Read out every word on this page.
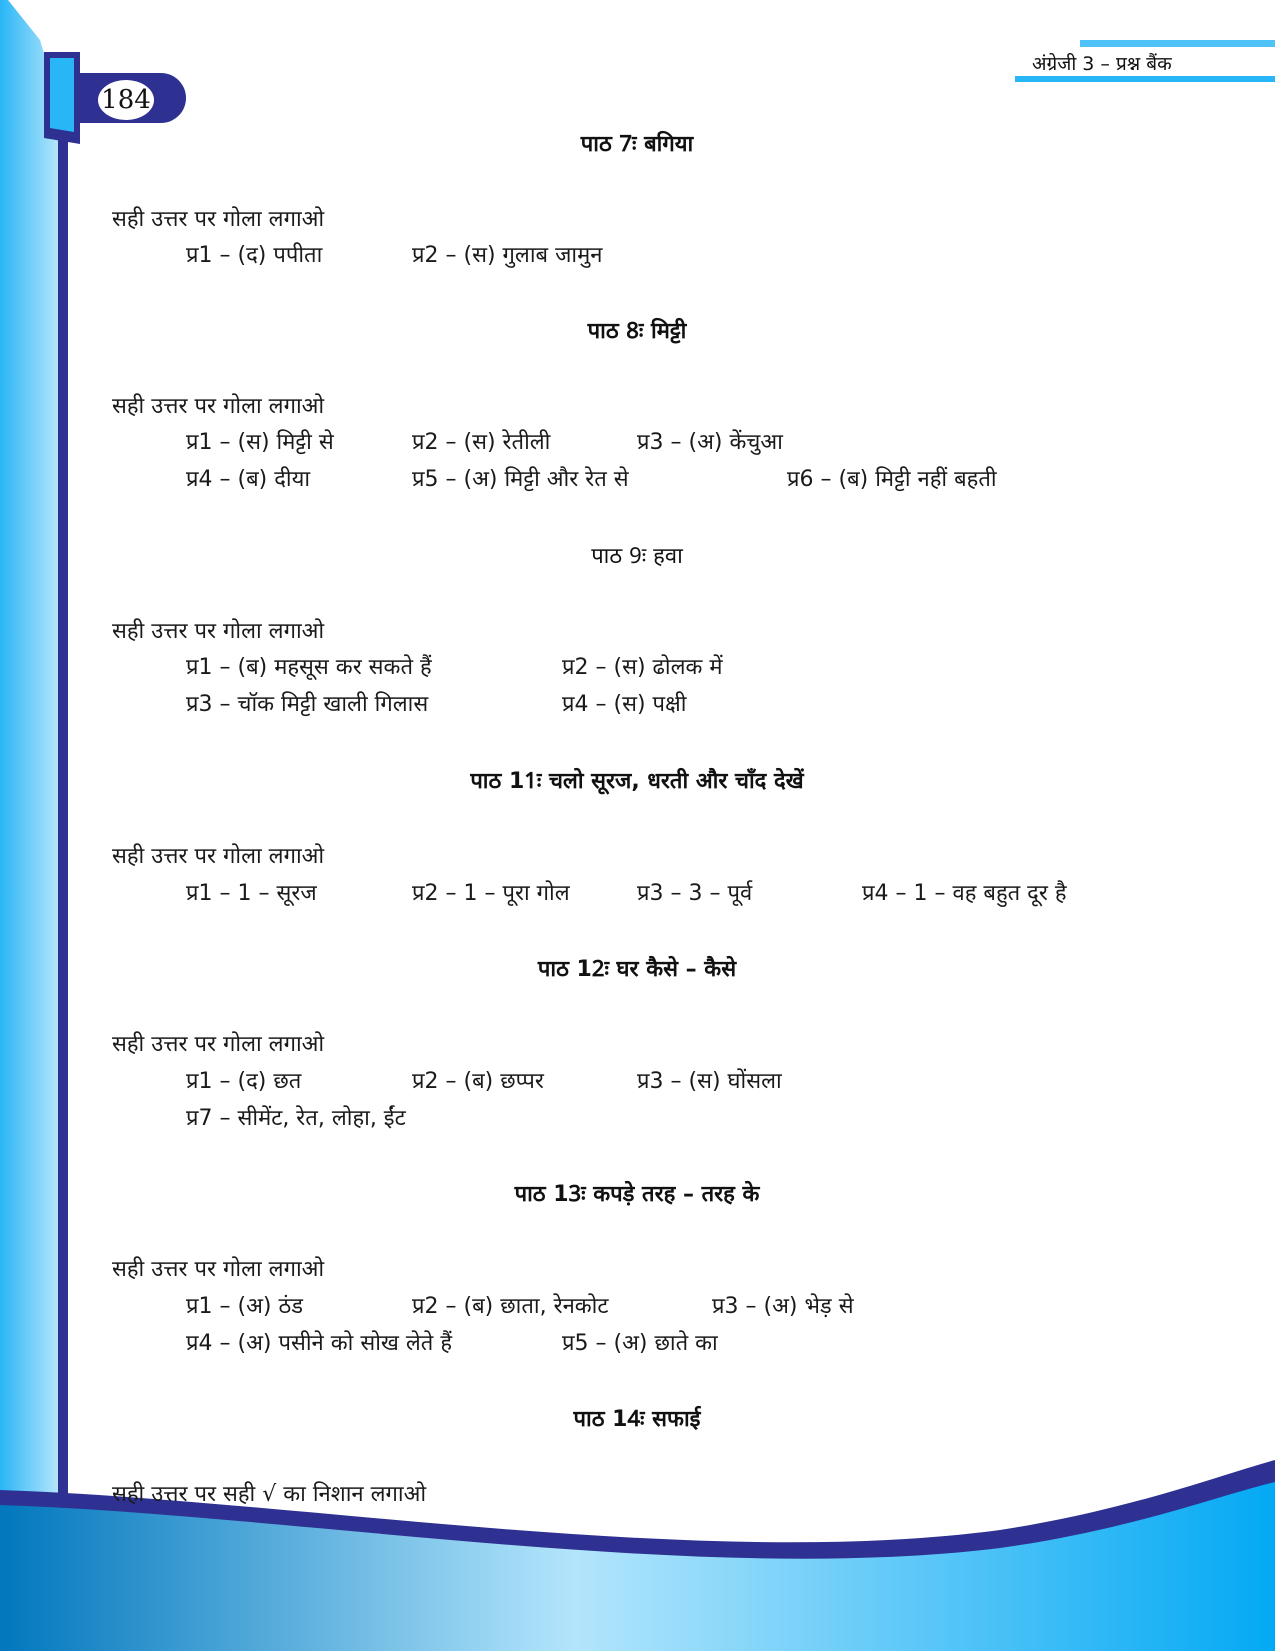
184
अंग्रेजी 3 – प्रश्न बैंक
पाठ 7ः बगिया
सही उत्तर पर गोला लगाओ
प्र1 – (द) पपीता	प्र2 – (स) गुलाब जामुन
पाठ 8ः मिट्टी
सही उत्तर पर गोला लगाओ
प्र1 – (स) मिट्टी से	प्र2 – (स) रेतीली	प्र3 – (अ) केंचुआ
प्र4 – (ब) दीया	प्र5 – (अ) मिट्टी और रेत से	प्र6 – (ब) मिट्टी नहीं बहती
पाठ 9ः हवा
सही उत्तर पर गोला लगाओ
प्र1 – (ब) महसूस कर सकते हैं	प्र2 – (स) ढोलक में
प्र3 – चॉक मिट्टी खाली गिलास	प्र4 – (स) पक्षी
पाठ 11ः चलो सूरज, धरती और चाँद देखें
सही उत्तर पर गोला लगाओ
प्र1 – 1 – सूरज	प्र2 – 1 – पूरा गोल	प्र3 – 3 – पूर्व	प्र4 – 1 – वह बहुत दूर है
पाठ 12ः घर कैसे – कैसे
सही उत्तर पर गोला लगाओ
प्र1 – (द) छत	प्र2 – (ब) छप्पर	प्र3 – (स) घोंसला
प्र7 – सीमेंट, रेत, लोहा, ईंट
पाठ 13ः कपड़े तरह – तरह के
सही उत्तर पर गोला लगाओ
प्र1 – (अ) ठंड	प्र2 – (ब) छाता, रेनकोट	प्र3 – (अ) भेड़ से
प्र4 – (अ) पसीने को सोख लेते हैं	प्र5 – (अ) छाते का
पाठ 14ः सफाई
सही उत्तर पर सही √ का निशान लगाओ
